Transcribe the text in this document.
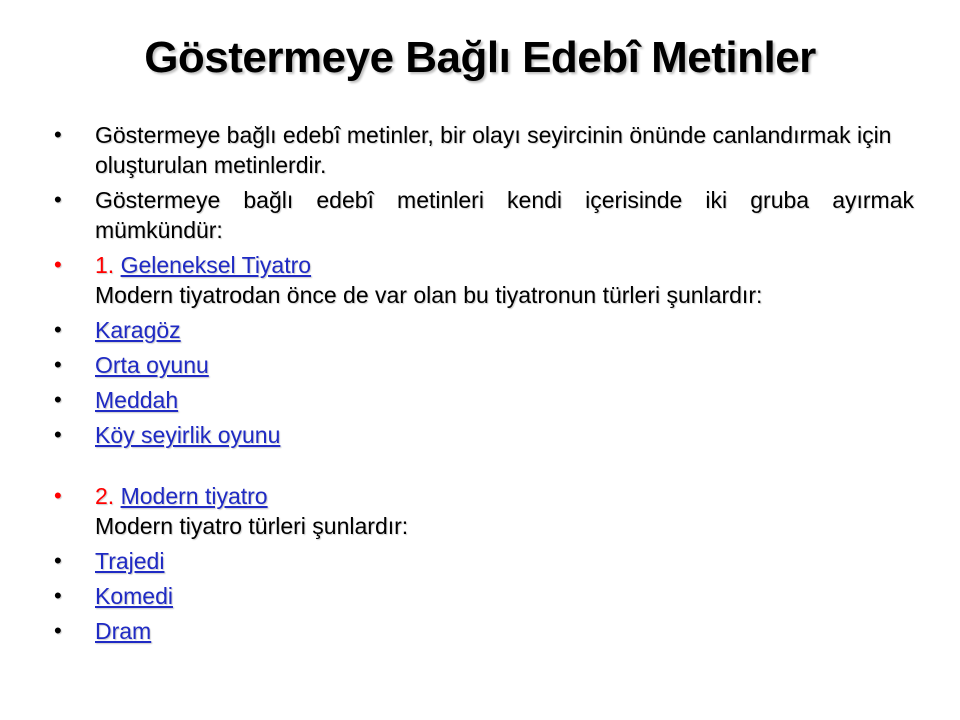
Göstermeye Bağlı Edebî Metinler
•	Göstermeye bağlı edebî metinler, bir olayı seyircinin önünde canlandırmak için oluşturulan metinlerdir.
•	Göstermeye bağlı edebî metinleri kendi içerisinde iki gruba ayırmak mümkündür:
•	1. Geleneksel Tiyatro
Modern tiyatrodan önce de var olan bu tiyatronun türleri şunlardır:
•	Karagöz
•	Orta oyunu
•	Meddah
•	Köy seyirlik oyunu
•	2. Modern tiyatro
Modern tiyatro türleri şunlardır:
•	Trajedi
•	Komedi
•	Dram
